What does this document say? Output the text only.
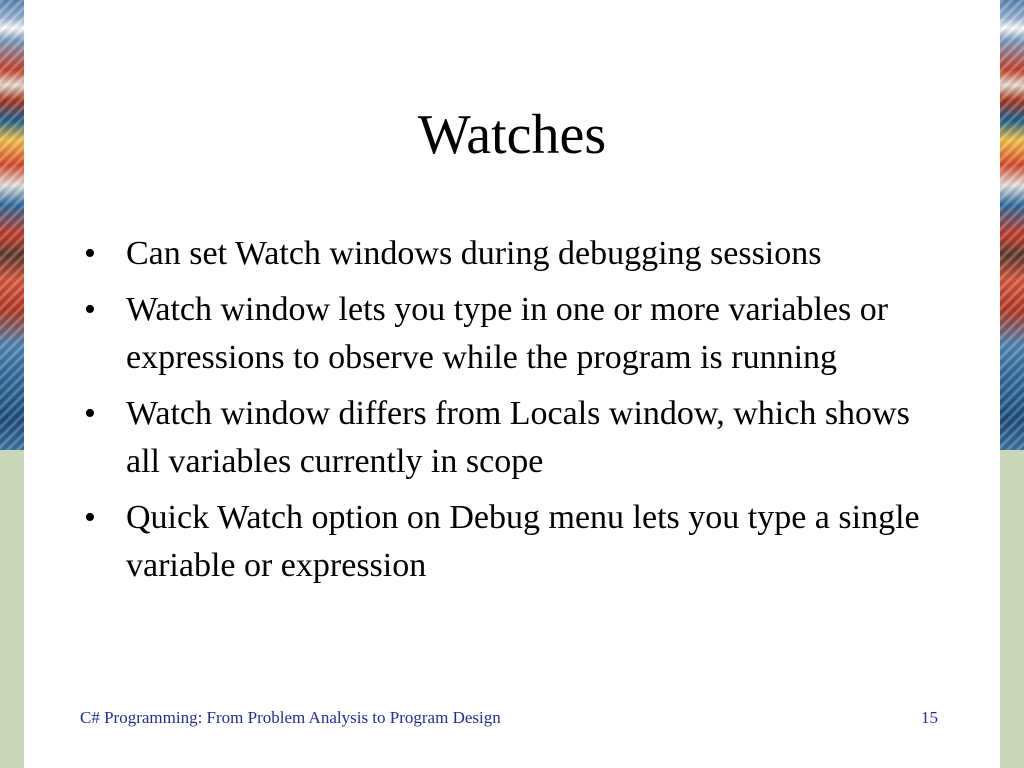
Watches
• Can set Watch windows during debugging sessions
• Watch window lets you type in one or more variables or expressions to observe while the program is running
• Watch window differs from Locals window, which shows all variables currently in scope
• Quick Watch option on Debug menu lets you type a single variable or expression
C# Programming: From Problem Analysis to Program Design	15
